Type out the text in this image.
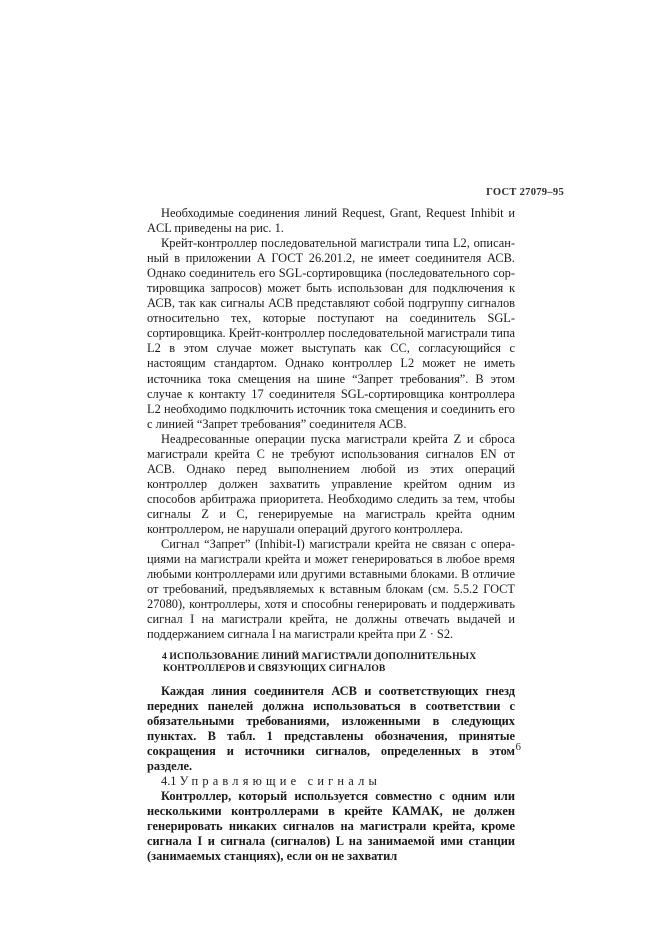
ГОСТ 27079–95

Необходимые соединения линий Request, Grant, Request Inhibit и ACL приведены на рис. 1.

Крейт-контроллер последовательной магистрали типа L2, описанный в приложении А ГОСТ 26.201.2, не имеет соединителя АСВ. Однако соединитель его SGL-сортировщика (последовательного сортировщика запросов) может быть использован для подключения к АСВ, так как сигналы АСВ представляют собой подгруппу сигналов относительно тех, которые поступают на соединитель SGL-сортировщика. Крейт-контроллер последовательной магистрали типа L2 в этом случае может выступать как СС, согласующийся с настоящим стандартом. Однако контроллер L2 может не иметь источника тока смещения на шине “Запрет требования”. В этом случае к контакту 17 соединителя SGL-сортировщика контроллера L2 необходимо подключить источник тока смещения и соединить его с линией “Запрет требования” соединителя АСВ.

Неадресованные операции пуска магистрали крейта Z и сброса магистрали крейта С не требуют использования сигналов EN от АСВ. Однако перед выполнением любой из этих операций контроллер должен захватить управление крейтом одним из способов арбитража приоритета. Необходимо следить за тем, чтобы сигналы Z и С, генерируемые на магистраль крейта одним контроллером, не нарушали операций другого контроллера.

Сигнал “Запрет” (Inhibit-I) магистрали крейта не связан с операциями на магистрали крейта и может генерироваться в любое время любыми контроллерами или другими вставными блоками. В отличие от требований, предъявляемых к вставным блокам (см. 5.5.2 ГОСТ 27080), контроллеры, хотя и способны генерировать и поддерживать сигнал I на магистрали крейта, не должны отвечать выдачей и поддержанием сигнала I на магистрали крейта при Z · S2.

4 ИСПОЛЬЗОВАНИЕ ЛИНИЙ МАГИСТРАЛИ ДОПОЛНИТЕЛЬНЫХ КОНТРОЛЛЕРОВ И СВЯЗУЮЩИХ СИГНАЛОВ

Каждая линия соединителя АСВ и соответствующих гнезд передних панелей должна использоваться в соответствии с обязательными требованиями, изложенными в следующих пунктах. В табл. 1 представлены обозначения, принятые сокращения и источники сигналов, определенных в этом разделе.

4.1 Управляющие сигналы

Контроллер, который используется совместно с одним или несколькими контроллерами в крейте КАМАК, не должен генерировать никаких сигналов на магистрали крейта, кроме сигнала I и сигнала (сигналов) L на занимаемой ими станции (занимаемых станциях), если он не захватил

6
